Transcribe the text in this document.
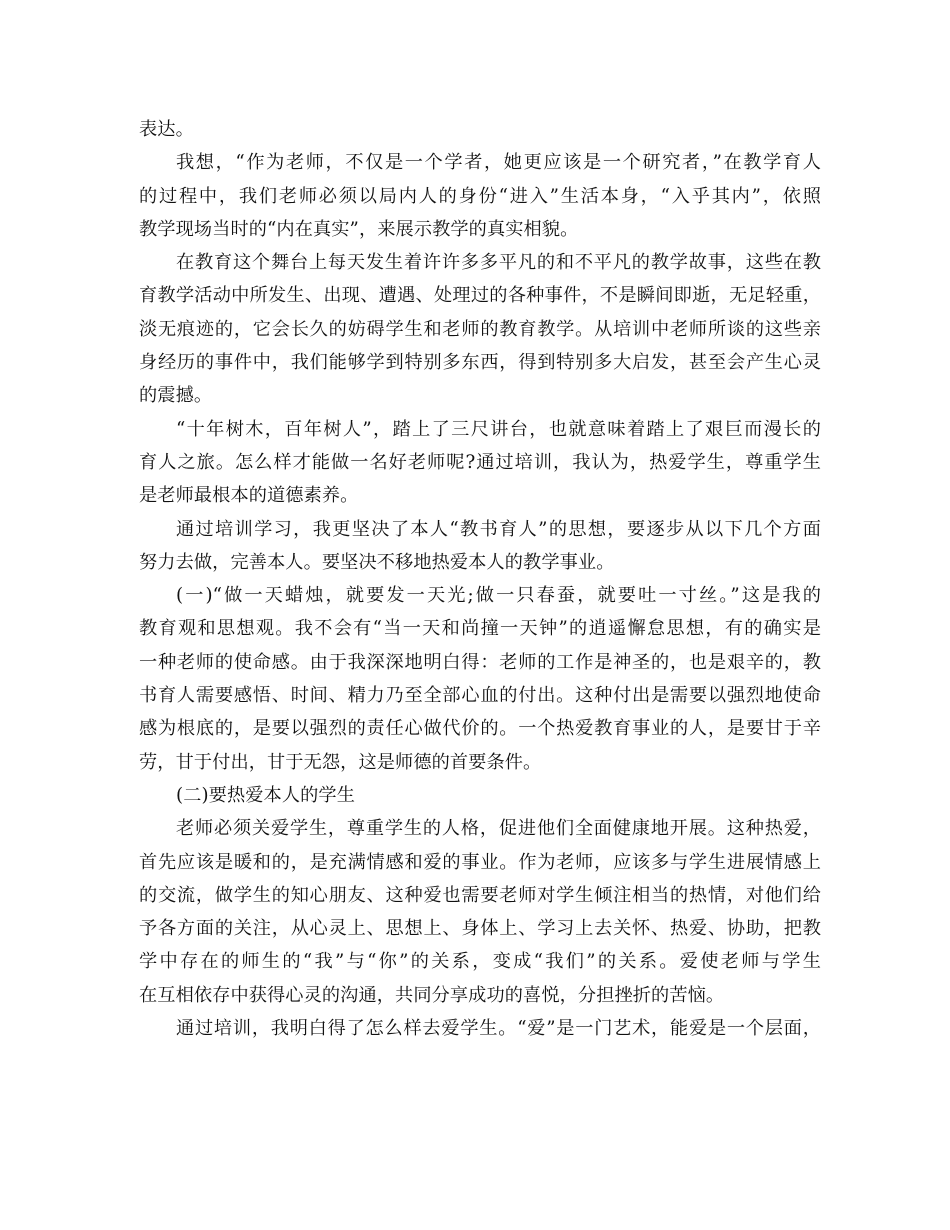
表达。
我想，“作为老师，不仅是一个学者，她更应该是一个研究者，”在教学育人
的过程中，我们老师必须以局内人的身份“进入”生活本身，“入乎其内”，依照
教学现场当时的“内在真实”，来展示教学的真实相貌。
在教育这个舞台上每天发生着许许多多平凡的和不平凡的教学故事，这些在教
育教学活动中所发生、出现、遭遇、处理过的各种事件，不是瞬间即逝，无足轻重，
淡无痕迹的，它会长久的妨碍学生和老师的教育教学。从培训中老师所谈的这些亲
身经历的事件中，我们能够学到特别多东西，得到特别多大启发，甚至会产生心灵
的震撼。
“十年树木，百年树人”，踏上了三尺讲台，也就意味着踏上了艰巨而漫长的
育人之旅。怎么样才能做一名好老师呢?通过培训，我认为，热爱学生，尊重学生
是老师最根本的道德素养。
通过培训学习，我更坚决了本人“教书育人”的思想，要逐步从以下几个方面
努力去做，完善本人。要坚决不移地热爱本人的教学事业。
(一)“做一天蜡烛，就要发一天光;做一只春蚕，就要吐一寸丝。”这是我的
教育观和思想观。我不会有“当一天和尚撞一天钟”的逍遥懈怠思想，有的确实是
一种老师的使命感。由于我深深地明白得：老师的工作是神圣的，也是艰辛的，教
书育人需要感悟、时间、精力乃至全部心血的付出。这种付出是需要以强烈地使命
感为根底的，是要以强烈的责任心做代价的。一个热爱教育事业的人，是要甘于辛
劳，甘于付出，甘于无怨，这是师德的首要条件。
(二)要热爱本人的学生
老师必须关爱学生，尊重学生的人格，促进他们全面健康地开展。这种热爱，
首先应该是暖和的，是充满情感和爱的事业。作为老师，应该多与学生进展情感上
的交流，做学生的知心朋友、这种爱也需要老师对学生倾注相当的热情，对他们给
予各方面的关注，从心灵上、思想上、身体上、学习上去关怀、热爱、协助，把教
学中存在的师生的“我”与“你”的关系，变成“我们”的关系。爱使老师与学生
在互相依存中获得心灵的沟通，共同分享成功的喜悦，分担挫折的苦恼。
通过培训，我明白得了怎么样去爱学生。“爱”是一门艺术，能爱是一个层面，
